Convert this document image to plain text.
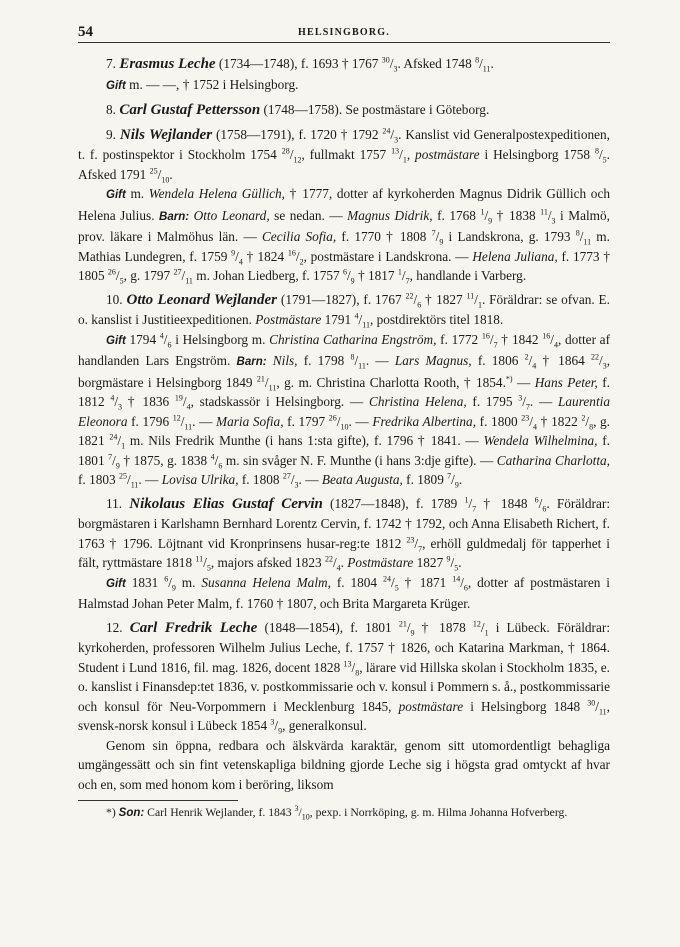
54	HELSINGBORG.

7. Erasmus Leche (1734—1748), f. 1693 † 1767 $^{30}/_3$. Afsked 1748 $^8/_{11}$.

Gift m. — —, † 1752 i Helsingborg.

8. Carl Gustaf Pettersson (1748—1758). Se postmästare i Göteborg.

9. Nils Wejlander (1758—1791), f. 1720 † 1792 $^{24}/_3$. Kanslist vid Generalpostexpeditionen, t. f. postinspektor i Stockholm 1754 $^{28}/_{12}$, fullmakt 1757 $^{13}/_1$, postmästare i Helsingborg 1758 $^8/_5$. Afsked 1791 $^{25}/_{10}$.

Gift m. Wendela Helena Güllich, † 1777, dotter af kyrkoherden Magnus Didrik Güllich och Helena Julius. Barn: Otto Leonard, se nedan. — Magnus Didrik, f. 1768 $^1/_9$ † 1838 $^{11}/_3$ i Malmö, prov. läkare i Malmöhus län. — Cecilia Sofia, f. 1770 † 1808 $^7/_9$ i Landskrona, g. 1793 $^8/_{11}$ m. Mathias Lundegren, f. 1759 $^9/_4$ † 1824 $^{16}/_2$, postmästare i Landskrona. — Helena Juliana, f. 1773 † 1805 $^{26}/_5$, g. 1797 $^{27}/_{11}$ m. Johan Liedberg, f. 1757 $^6/_9$ † 1817 $^1/_7$, handlande i Varberg.

10. Otto Leonard Wejlander (1791—1827), f. 1767 $^{22}/_6$ † 1827 $^{11}/_1$. Föräldrar: se ofvan. E. o. kanslist i Justitieexpeditionen. Postmästare 1791 $^4/_{11}$, postdirektörs titel 1818.

Gift 1794 $^4/_6$ i Helsingborg m. Christina Catharina Engström, f. 1772 $^{16}/_7$ † 1842 $^{16}/_4$, dotter af handlanden Lars Engström. Barn: Nils, f. 1798 $^8/_{11}$. — Lars Magnus, f. 1806 $^2/_4$ † 1864 $^{22}/_3$, borgmästare i Helsingborg 1849 $^{21}/_{11}$, g. m. Christina Charlotta Rooth, † 1854.*) — Hans Peter, f. 1812 $^4/_3$ † 1836 $^{19}/_4$, stadskassör i Helsingborg. — Christina Helena, f. 1795 $^3/_7$. — Laurentia Eleonora f. 1796 $^{12}/_{11}$. — Maria Sofia, f. 1797 $^{26}/_{10}$. — Fredrika Albertina, f. 1800 $^{23}/_4$ † 1822 $^2/_8$, g. 1821 $^{24}/_1$ m. Nils Fredrik Munthe (i hans 1:sta gifte), f. 1796 † 1841. — Wendela Wilhelmina, f. 1801 $^7/_9$ † 1875, g. 1838 $^4/_6$ m. sin svåger N. F. Munthe (i hans 3:dje gifte). — Catharina Charlotta, f. 1803 $^{25}/_{11}$. — Lovisa Ulrika, f. 1808 $^{27}/_3$. — Beata Augusta, f. 1809 $^7/_9$.

11. Nikolaus Elias Gustaf Cervin (1827—1848), f. 1789 $^1/_7$ † 1848 $^6/_6$. Föräldrar: borgmästaren i Karlshamn Bernhard Lorentz Cervin, f. 1742 † 1792, och Anna Elisabeth Richert, f. 1763 † 1796. Löjtnant vid Kronprinsens husar-reg:te 1812 $^{23}/_7$, erhöll guldmedalj för tapperhet i fält, ryttmästare 1818 $^{11}/_5$, majors afsked 1823 $^{22}/_4$. Postmästare 1827 $^9/_5$.

Gift 1831 $^6/_9$ m. Susanna Helena Malm, f. 1804 $^{24}/_5$ † 1871 $^{14}/_6$, dotter af postmästaren i Halmstad Johan Peter Malm, f. 1760 † 1807, och Brita Margareta Krüger.

12. Carl Fredrik Leche (1848—1854), f. 1801 $^{21}/_9$ † 1878 $^{12}/_1$ i Lübeck. Föräldrar: kyrkoherden, professoren Wilhelm Julius Leche, f. 1757 † 1826, och Katarina Markman, † 1864. Student i Lund 1816, fil. mag. 1826, docent 1828 $^{13}/_8$, lärare vid Hillska skolan i Stockholm 1835, e. o. kanslist i Finansdep:tet 1836, v. postkommissarie och v. konsul i Pommern s. å., postkommissarie och konsul för Neu-Vorpommern i Mecklenburg 1845, postmästare i Helsingborg 1848 $^{30}/_{11}$, svensk-norsk konsul i Lübeck 1854 $^3/_9$, generalkonsul.

Genom sin öppna, redbara och älskvärda karaktär, genom sitt utomordentligt behagliga umgängessätt och sin fint vetenskapliga bildning gjorde Leche sig i högsta grad omtyckt af hvar och en, som med honom kom i beröring, liksom

*) Son: Carl Henrik Wejlander, f. 1843 $^3/_{10}$, pexp. i Norrköping, g. m. Hilma Johanna Hofverberg.
